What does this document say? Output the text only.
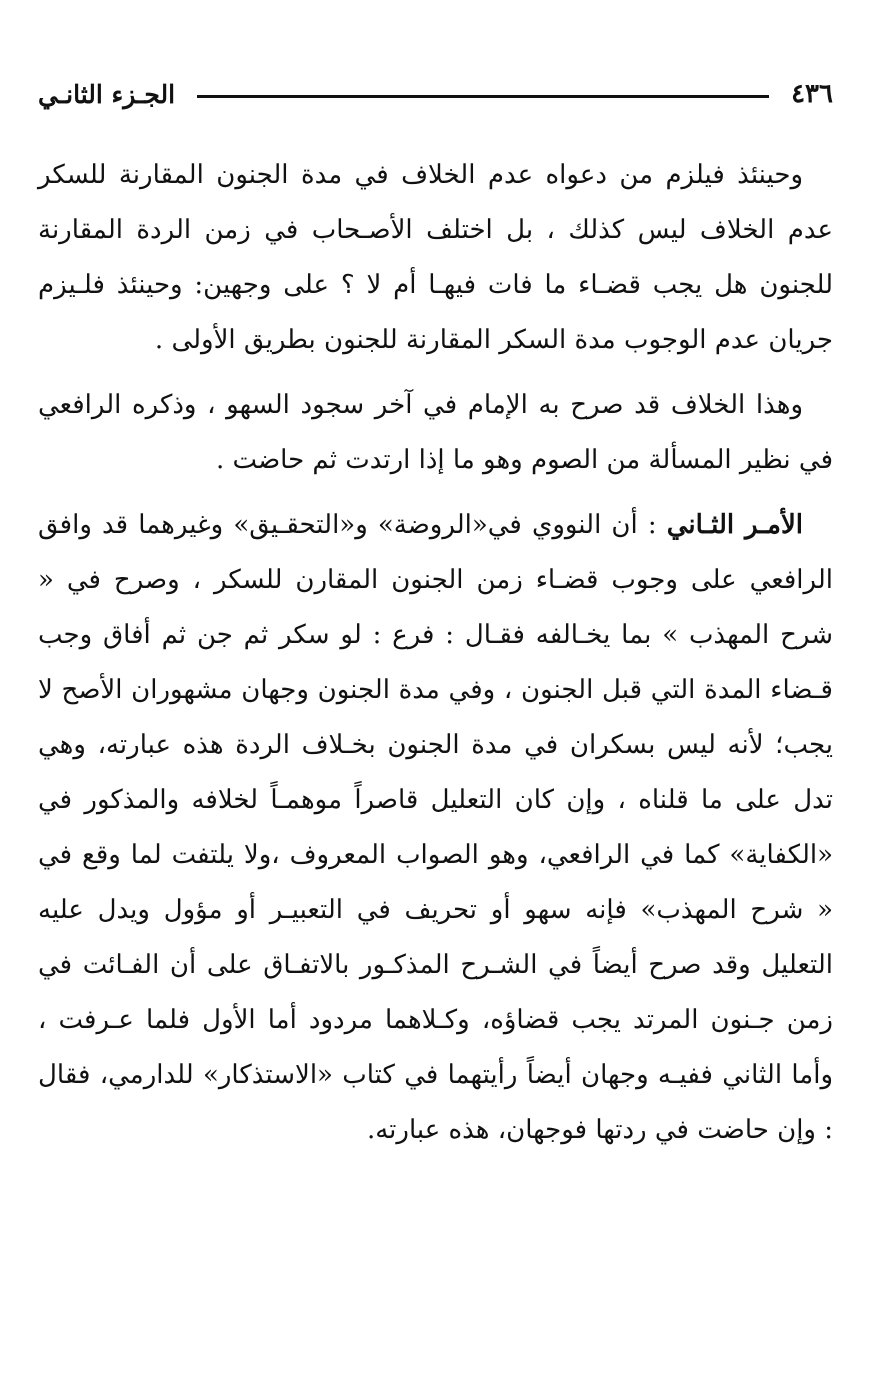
٤٣٦
الجـزء الثانـي

وحينئذ فيلزم من دعواه عدم الخلاف في مدة الجنون المقارنة للسكر عدم الخلاف ليس كذلك ، بل اختلف الأصـحاب في زمن الردة المقارنة للجنون هل يجب قضـاء ما فات فيهـا أم لا ؟ على وجهين: وحينئذ فلـيزم جريان عدم الوجوب مدة السكر المقارنة للجنون بطريق الأولى .

وهذا الخلاف قد صرح به الإمام في آخر سجود السهو ، وذكره الرافعي في نظير المسألة من الصوم وهو ما إذا ارتدت ثم حاضت .

الأمـر الثـاني : أن النووي في«الروضة» و«التحقـيق» وغيرهما قد وافق الرافعي على وجوب قضـاء زمن الجنون المقارن للسكر ، وصرح في « شرح المهذب » بما يخـالفه فقـال : فرع : لو سكر ثم جن ثم أفاق وجب قـضاء المدة التي قبل الجنون ، وفي مدة الجنون وجهان مشهوران الأصح لا يجب؛ لأنه ليس بسكران في مدة الجنون بخـلاف الردة هذه عبارته، وهي تدل على ما قلناه ، وإن كان التعليل قاصراً موهمـاً لخلافه والمذكور في «الكفاية» كما في الرافعي، وهو الصواب المعروف ،ولا يلتفت لما وقع في « شرح المهذب» فإنه سهو أو تحريف في التعبيـر أو مؤول ويدل عليه التعليل وقد صرح أيضاً في الشـرح المذكـور بالاتفـاق على أن الفـائت في زمن جـنون المرتد يجب قضاؤه، وكـلاهما مردود أما الأول فلما عـرفت ، وأما الثاني ففيـه وجهان أيضاً رأيتهما في كتاب «الاستذكار» للدارمي، فقال : وإن حاضت في ردتها فوجهان، هذه عبارته.
